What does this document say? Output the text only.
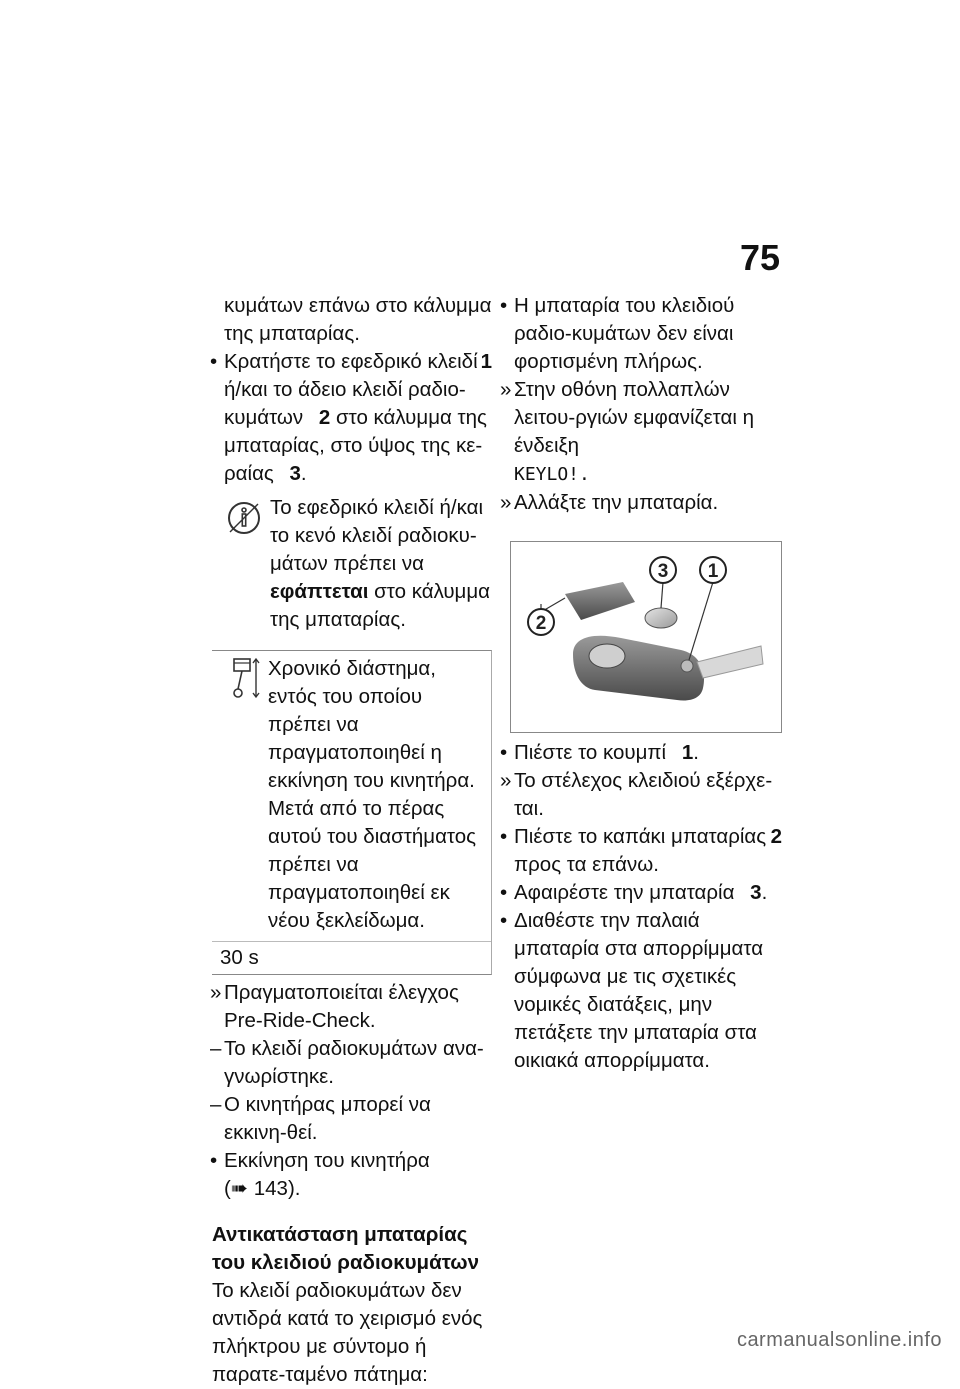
75
κυμάτων επάνω στο κάλυμμα της μπαταρίας.
• Κρατήστε το εφεδρικό κλειδί 1
ή/και το άδειο κλειδί ραδιο-κυμάτων 2 στο κάλυμμα της μπαταρίας, στο ύψος της κε-ραίας 3.
Το εφεδρικό κλειδί ή/και το κενό κλειδί ραδιοκυ-μάτων πρέπει να εφάπτεται στο κάλυμμα της μπαταρίας.
Χρονικό διάστημα, εντός του οποίου πρέπει να πραγματοποιηθεί η εκκίνηση του κινητήρα. Μετά από το πέρας αυτού του διαστήματος πρέπει να πραγματοποιηθεί εκ νέου ξεκλείδωμα.
30 s
» Πραγματοποιείται έλεγχος Pre-Ride-Check.
– Το κλειδί ραδιοκυμάτων ανα-γνωρίστηκε.
– Ο κινητήρας μπορεί να εκκινη-θεί.
• Εκκίνηση του κινητήρα
(➠ 143).
Αντικατάσταση μπαταρίας του κλειδιού ραδιοκυμάτων
Το κλειδί ραδιοκυμάτων δεν αντιδρά κατά το χειρισμό ενός πλήκτρου με σύντομο ή παρατε-ταμένο πάτημα:
• Η μπαταρία του κλειδιού ραδιο-κυμάτων δεν είναι φορτισμένη πλήρως.
» Στην οθόνη πολλαπλών λειτου-ργιών εμφανίζεται η ένδειξη
KEYLO!.
» Αλλάξτε την μπαταρία.
2
3 1
• Πιέστε το κουμπί 1.
» Το στέλεχος κλειδιού εξέρχε-ται.
• Πιέστε το καπάκι μπαταρίας 2

προς τα επάνω.
• Αφαιρέστε την μπαταρία 3.
• Διαθέστε την παλαιά μπαταρία στα απορρίμματα σύμφωνα με τις σχετικές νομικές διατάξεις, μην πετάξετε την μπαταρία στα οικιακά απορρίμματα.
carmanualsonline.info
